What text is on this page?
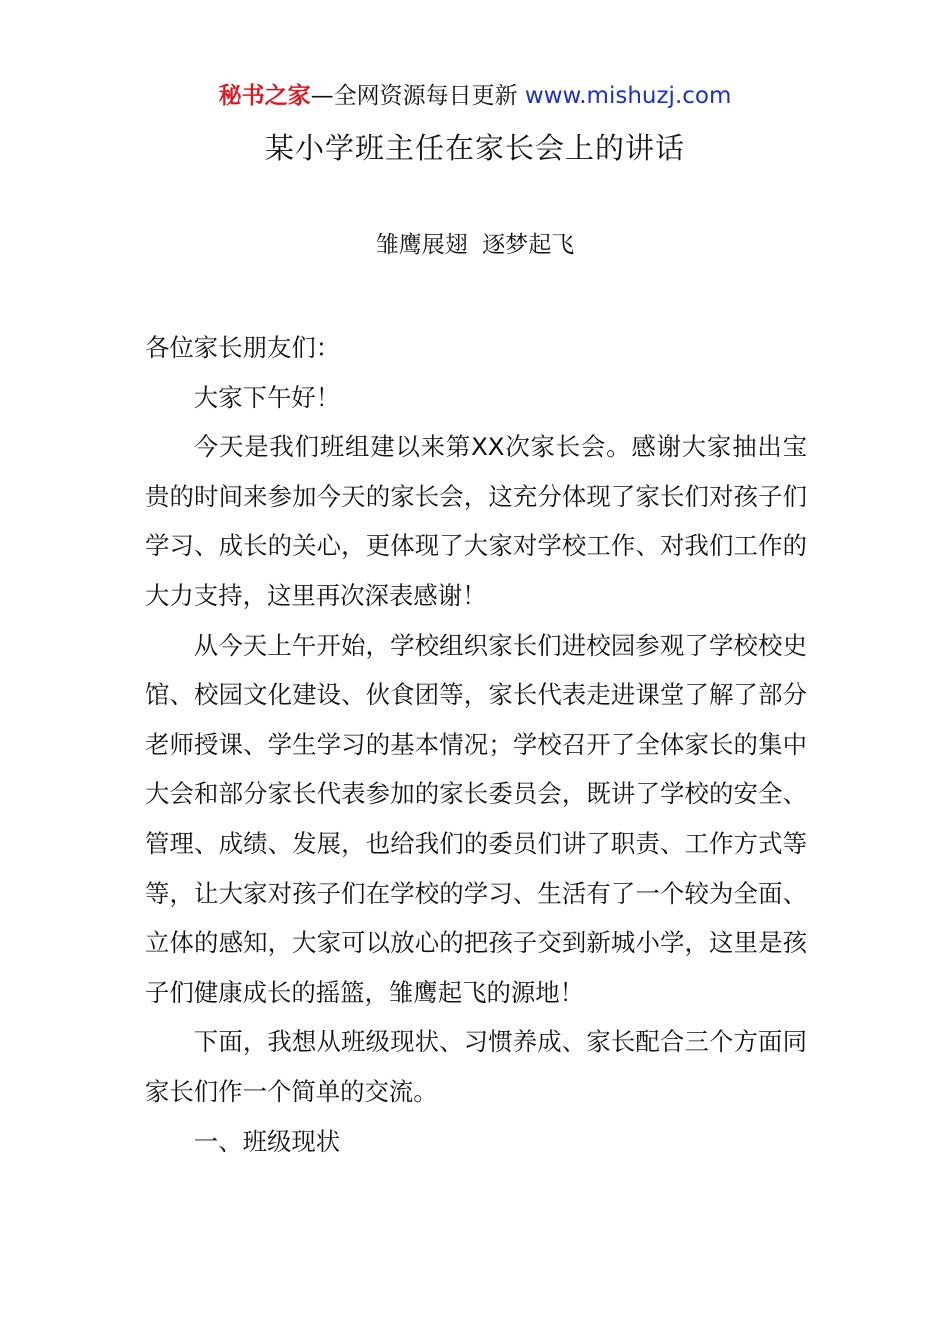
秘书之家—全网资源每日更新 www.mishuzj.com
某小学班主任在家长会上的讲话
雏鹰展翅  逐梦起飞

各位家长朋友们：

大家下午好！

今天是我们班组建以来第XX次家长会。感谢大家抽出宝贵的时间来参加今天的家长会，这充分体现了家长们对孩子们学习、成长的关心，更体现了大家对学校工作、对我们工作的大力支持，这里再次深表感谢！

从今天上午开始，学校组织家长们进校园参观了学校校史馆、校园文化建设、伙食团等，家长代表走进课堂了解了部分老师授课、学生学习的基本情况；学校召开了全体家长的集中大会和部分家长代表参加的家长委员会，既讲了学校的安全、管理、成绩、发展，也给我们的委员们讲了职责、工作方式等等，让大家对孩子们在学校的学习、生活有了一个较为全面、立体的感知，大家可以放心的把孩子交到新城小学，这里是孩子们健康成长的摇篮，雏鹰起飞的源地！

下面，我想从班级现状、习惯养成、家长配合三个方面同家长们作一个简单的交流。

一、班级现状
